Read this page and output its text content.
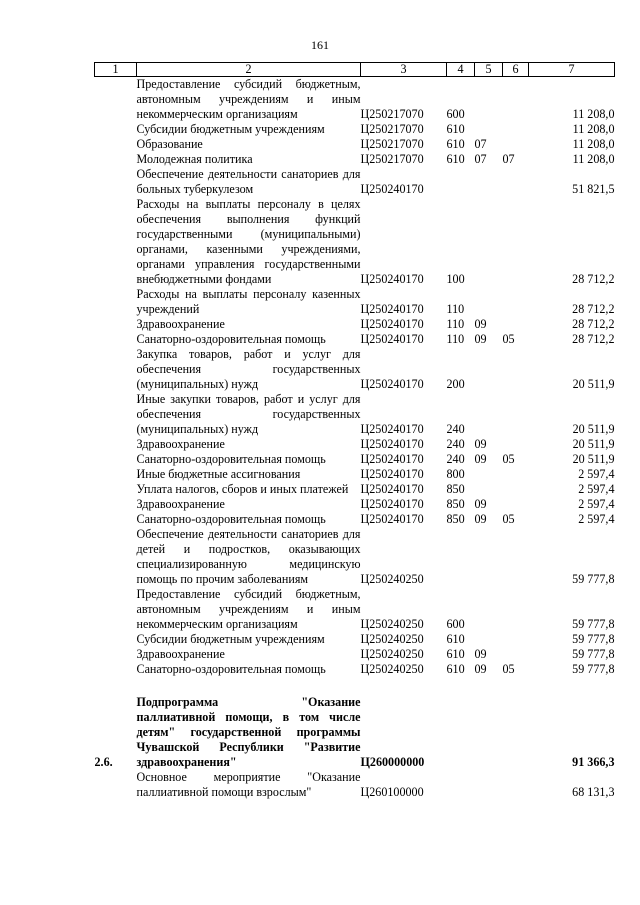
161
1	2	3	4	5	6	7
	Предоставление субсидий бюджетным, автономным учреждениям и иным некоммерческим организациям	Ц250217070	600			11 208,0
	Субсидии бюджетным учреждениям	Ц250217070	610			11 208,0
	Образование	Ц250217070	610	07		11 208,0
	Молодежная политика	Ц250217070	610	07	07	11 208,0
	Обеспечение деятельности санаториев для больных туберкулезом	Ц250240170				51 821,5
	Расходы на выплаты персоналу в целях обеспечения выполнения функций государственными (муниципальными) органами, казенными учреждениями, органами управления государственными внебюджетными фондами	Ц250240170	100			28 712,2
	Расходы на выплаты персоналу казенных учреждений	Ц250240170	110			28 712,2
	Здравоохранение	Ц250240170	110	09		28 712,2
	Санаторно-оздоровительная помощь	Ц250240170	110	09	05	28 712,2
	Закупка товаров, работ и услуг для обеспечения государственных (муниципальных) нужд	Ц250240170	200			20 511,9
	Иные закупки товаров, работ и услуг для обеспечения государственных (муниципальных) нужд	Ц250240170	240			20 511,9
	Здравоохранение	Ц250240170	240	09		20 511,9
	Санаторно-оздоровительная помощь	Ц250240170	240	09	05	20 511,9
	Иные бюджетные ассигнования	Ц250240170	800			2 597,4
	Уплата налогов, сборов и иных платежей	Ц250240170	850			2 597,4
	Здравоохранение	Ц250240170	850	09		2 597,4
	Санаторно-оздоровительная помощь	Ц250240170	850	09	05	2 597,4
	Обеспечение деятельности санаториев для детей и подростков, оказывающих специализированную медицинскую помощь по прочим заболеваниям	Ц250240250				59 777,8
	Предоставление субсидий бюджетным, автономным учреждениям и иным некоммерческим организациям	Ц250240250	600			59 777,8
	Субсидии бюджетным учреждениям	Ц250240250	610			59 777,8
	Здравоохранение	Ц250240250	610	09		59 777,8
	Санаторно-оздоровительная помощь	Ц250240250	610	09	05	59 777,8

2.6.	Подпрограмма "Оказание паллиативной помощи, в том числе детям" государственной программы Чувашской Республики "Развитие здравоохранения"	Ц260000000				91 366,3
	Основное мероприятие "Оказание паллиативной помощи взрослым"	Ц260100000				68 131,3
